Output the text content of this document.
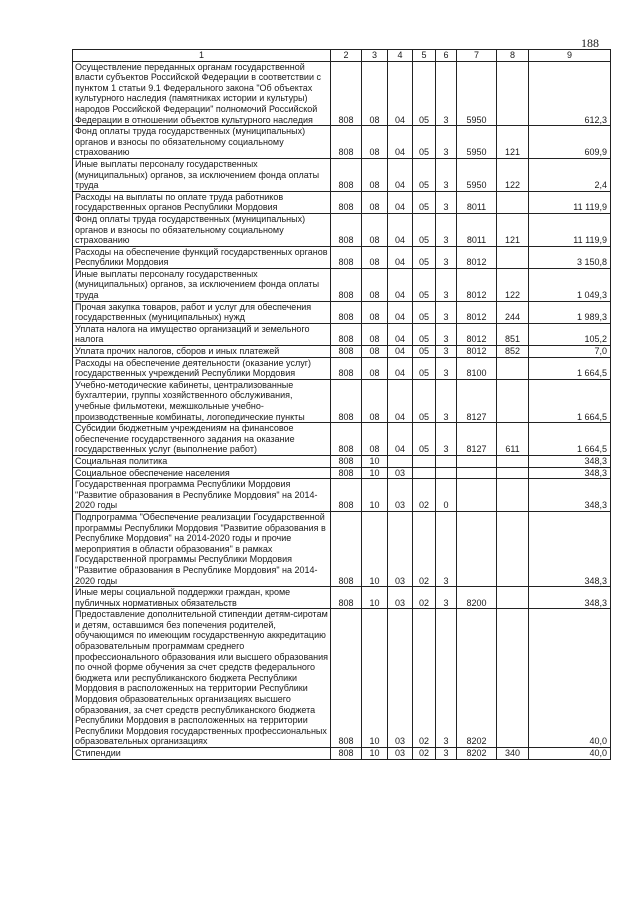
188
1	2	3	4	5	6	7	8	9
Осуществление переданных органам государственной власти субъектов Российской Федерации в соответствии с пунктом 1 статьи 9.1 Федерального закона "Об объектах культурного наследия (памятниках истории и культуры) народов Российской Федерации" полномочий Российской Федерации в отношении объектов культурного наследия	808	08	04	05	3	5950		612,3
Фонд оплаты труда государственных (муниципальных) органов и взносы по обязательному социальному страхованию	808	08	04	05	3	5950	121	609,9
Иные выплаты персоналу государственных (муниципальных) органов, за исключением фонда оплаты труда	808	08	04	05	3	5950	122	2,4
Расходы на выплаты по оплате труда работников государственных органов Республики Мордовия	808	08	04	05	3	8011		11 119,9
Фонд оплаты труда государственных (муниципальных) органов и взносы по обязательному социальному страхованию	808	08	04	05	3	8011	121	11 119,9
Расходы на обеспечение функций государственных органов Республики Мордовия	808	08	04	05	3	8012		3 150,8
Иные выплаты персоналу государственных (муниципальных) органов, за исключением фонда оплаты труда	808	08	04	05	3	8012	122	1 049,3
Прочая закупка товаров, работ и услуг для обеспечения государственных (муниципальных) нужд	808	08	04	05	3	8012	244	1 989,3
Уплата налога на имущество организаций и земельного налога	808	08	04	05	3	8012	851	105,2
Уплата прочих налогов, сборов и иных платежей	808	08	04	05	3	8012	852	7,0
Расходы на обеспечение деятельности (оказание услуг) государственных учреждений Республики Мордовия	808	08	04	05	3	8100		1 664,5
Учебно-методические кабинеты, централизованные бухгалтерии, группы хозяйственного обслуживания, учебные фильмотеки, межшкольные учебно-производственные комбинаты, логопедические пункты	808	08	04	05	3	8127		1 664,5
Субсидии бюджетным учреждениям на финансовое обеспечение государственного задания на оказание государственных услуг (выполнение работ)	808	08	04	05	3	8127	611	1 664,5
Социальная политика	808	10						348,3
Социальное обеспечение населения	808	10	03					348,3
Государственная программа Республики Мордовия "Развитие образования в Республике Мордовия" на 2014-2020 годы	808	10	03	02	0			348,3
Подпрограмма "Обеспечение реализации Государственной программы Республики Мордовия "Развитие образования в Республике Мордовия" на 2014-2020 годы и прочие мероприятия в области образования" в рамках Государственной программы Республики Мордовия "Развитие образования в Республике Мордовия" на 2014-2020 годы	808	10	03	02	3			348,3
Иные меры социальной поддержки граждан, кроме публичных нормативных обязательств	808	10	03	02	3	8200		348,3
Предоставление дополнительной стипендии детям-сиротам и детям, оставшимся без попечения родителей, обучающимся по имеющим государственную аккредитацию образовательным программам среднего профессионального образования или высшего образования по очной форме обучения за счет средств федерального бюджета или республиканского бюджета Республики Мордовия в расположенных на территории Республики Мордовия образовательных организациях высшего образования, за счет средств республиканского бюджета Республики Мордовия в расположенных на территории Республики Мордовия государственных профессиональных образовательных организациях	808	10	03	02	3	8202		40,0
Стипендии	808	10	03	02	3	8202	340	40,0
